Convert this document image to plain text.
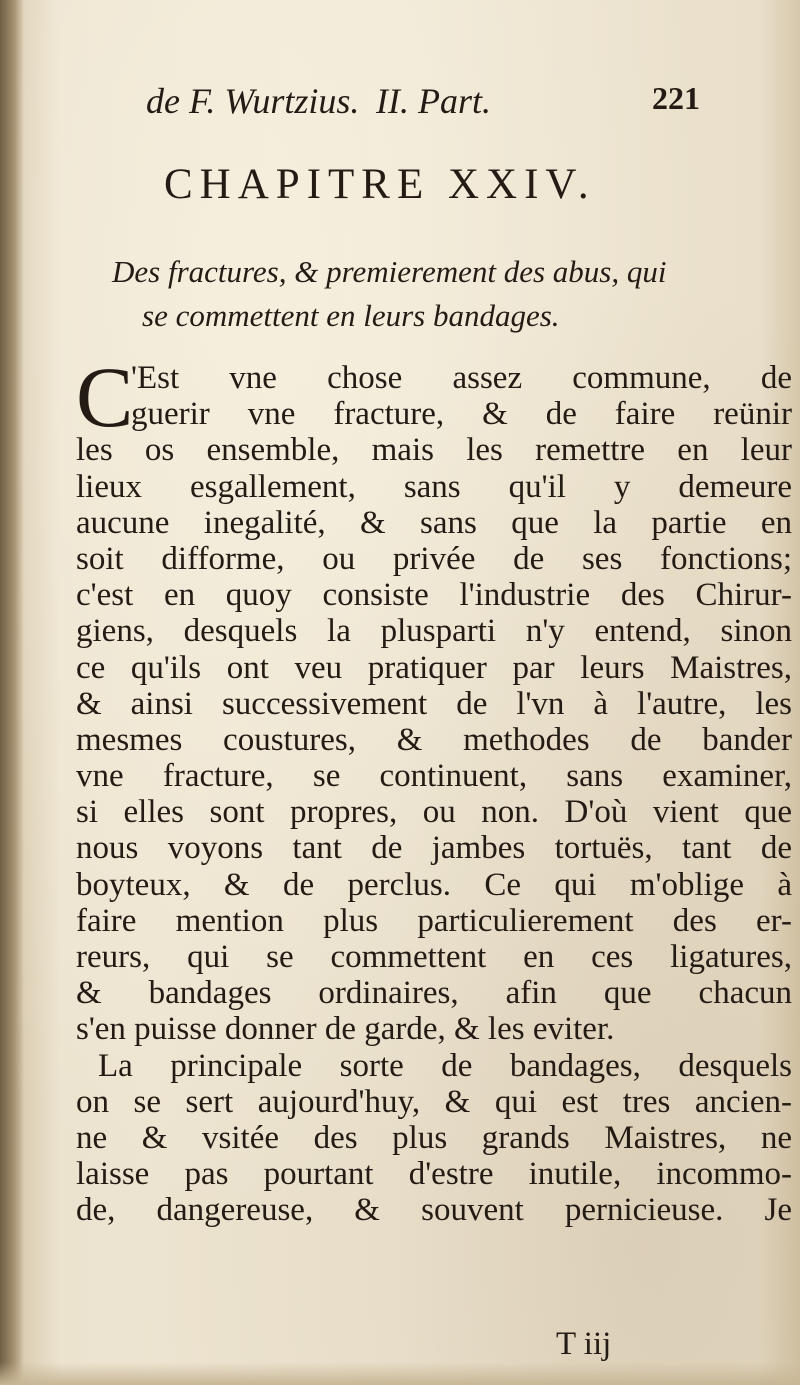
de F. Wurtzius. II. Part.	221
CHAPITRE XXIV.
Des fractures, & premierement des abus, qui
se commettent en leurs bandages.
C
'Est vne chose assez commune, de
guerir vne fracture, & de faire reünir
les os ensemble, mais les remettre en leur
lieux esgallement, sans qu'il y demeure
aucune inegalité, & sans que la partie en
soit difforme, ou privée de ses fonctions;
c'est en quoy consiste l'industrie des Chirur-
giens, desquels la plusparti n'y entend, sinon
ce qu'ils ont veu pratiquer par leurs Maistres,
& ainsi successivement de l'vn à l'autre, les
mesmes coustures, & methodes de bander
vne fracture, se continuent, sans examiner,
si elles sont propres, ou non. D'où vient que
nous voyons tant de jambes tortuës, tant de
boyteux, & de perclus. Ce qui m'oblige à
faire mention plus particulierement des er-
reurs, qui se commettent en ces ligatures,
& bandages ordinaires, afin que chacun
s'en puisse donner de garde, & les eviter.
La principale sorte de bandages, desquels
on se sert aujourd'huy, & qui est tres ancien-
ne & vsitée des plus grands Maistres, ne
laisse pas pourtant d'estre inutile, incommo-
de, dangereuse, & souvent pernicieuse. Je
T iij
